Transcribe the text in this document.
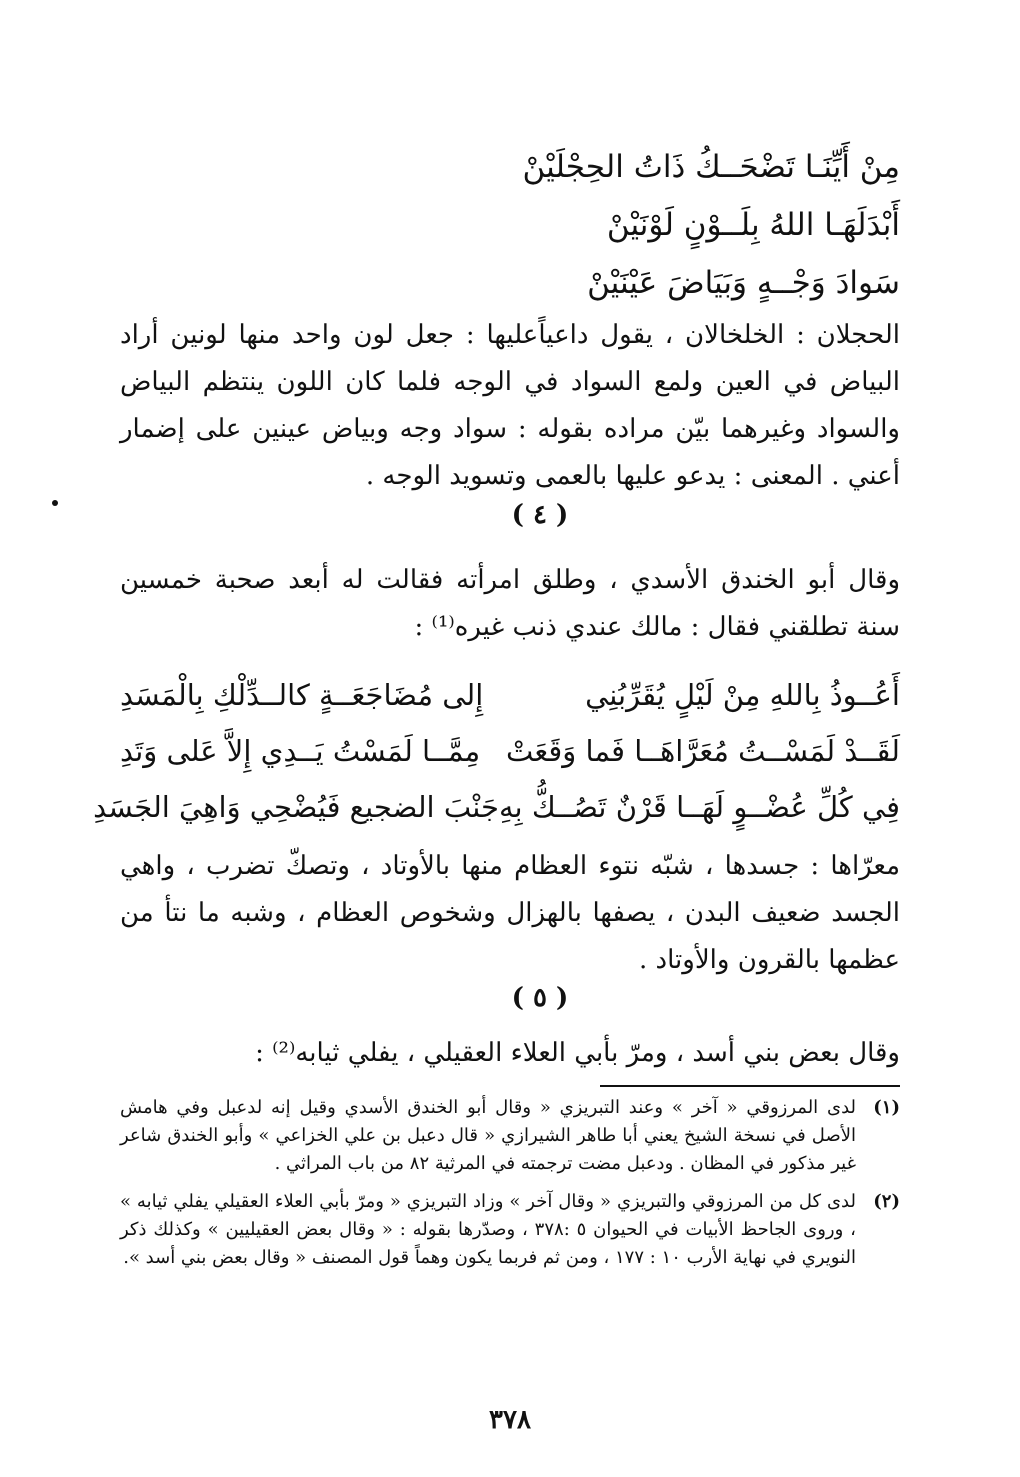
مِنْ أَيِّنَـا تَضْحَــكُ ذَاتُ الحِجْلَيْنْ
أَبْدَلَهَـا اللهُ بِلَــوْنٍ لَوْنَيْنْ
سَوادَ وَجْــهٍ وَبَيَاضَ عَيْنَيْنْ

الحجلان : الخلخالان ، يقول داعياًعليها : جعل لون واحد منها لونين أراد البياض في العين ولمع السواد في الوجه فلما كان اللون ينتظم البياض والسواد وغيرهما بيّن مراده بقوله : سواد وجه وبياض عينين على إضمار أعني . المعنى : يدعو عليها بالعمى وتسويد الوجه .

( ٤ )

وقال أبو الخندق الأسدي ، وطلق امرأته فقالت له أبعد صحبة خمسين سنة تطلقني فقال : مالك عندي ذنب غيره⁽¹⁾ :

أَعُــوذُ بِاللهِ مِنْ لَيْلٍ يُقَرِّبُنِي
إِلى مُضَاجَعَــةٍ كالــدِّلْكِ بِالْمَسَدِ
لَقَــدْ لَمَسْــتُ مُعَرَّاهَــا فَما وَقَعَتْ
مِمَّــا لَمَسْتُ يَــدِي إِلاَّ عَلى وَتَدِ
فِي كُلِّ عُضْــوٍ لَهَــا قَرْنٌ تَصُــكُّ بِهِ
جَنْبَ الضجيع فَيُضْحِي وَاهِيَ الجَسَدِ

معرّاها : جسدها ، شبّه نتوء العظام منها بالأوتاد ، وتصكّ تضرب ، واهي الجسد ضعيف البدن ، يصفها بالهزال وشخوص العظام ، وشبه ما نتأ من عظمها بالقرون والأوتاد .

( ٥ )

وقال بعض بني أسد ، ومرّ بأبي العلاء العقيلي ، يفلي ثيابه⁽²⁾ :

(١)
لدى المرزوقي « آخر » وعند التبريزي « وقال أبو الخندق الأسدي وقيل إنه لدعبل وفي هامش الأصل في نسخة الشيخ يعني أبا طاهر الشيرازي « قال دعبل بن علي الخزاعي » وأبو الخندق شاعر غير مذكور في المظان . ودعبل مضت ترجمته في المرثية ٨٢ من باب المراثي .
(٢)
لدى كل من المرزوقي والتبريزي « وقال آخر » وزاد التبريزي « ومرّ بأبي العلاء العقيلي يفلي ثيابه » ، وروى الجاحظ الأبيات في الحيوان ٥ :٣٧٨ ، وصدّرها بقوله : « وقال بعض العقيليين » وكذلك ذكر النويري في نهاية الأرب ١٠ : ١٧٧ ، ومن ثم فربما يكون وهماً قول المصنف « وقال بعض بني أسد ».
٣٧٨
